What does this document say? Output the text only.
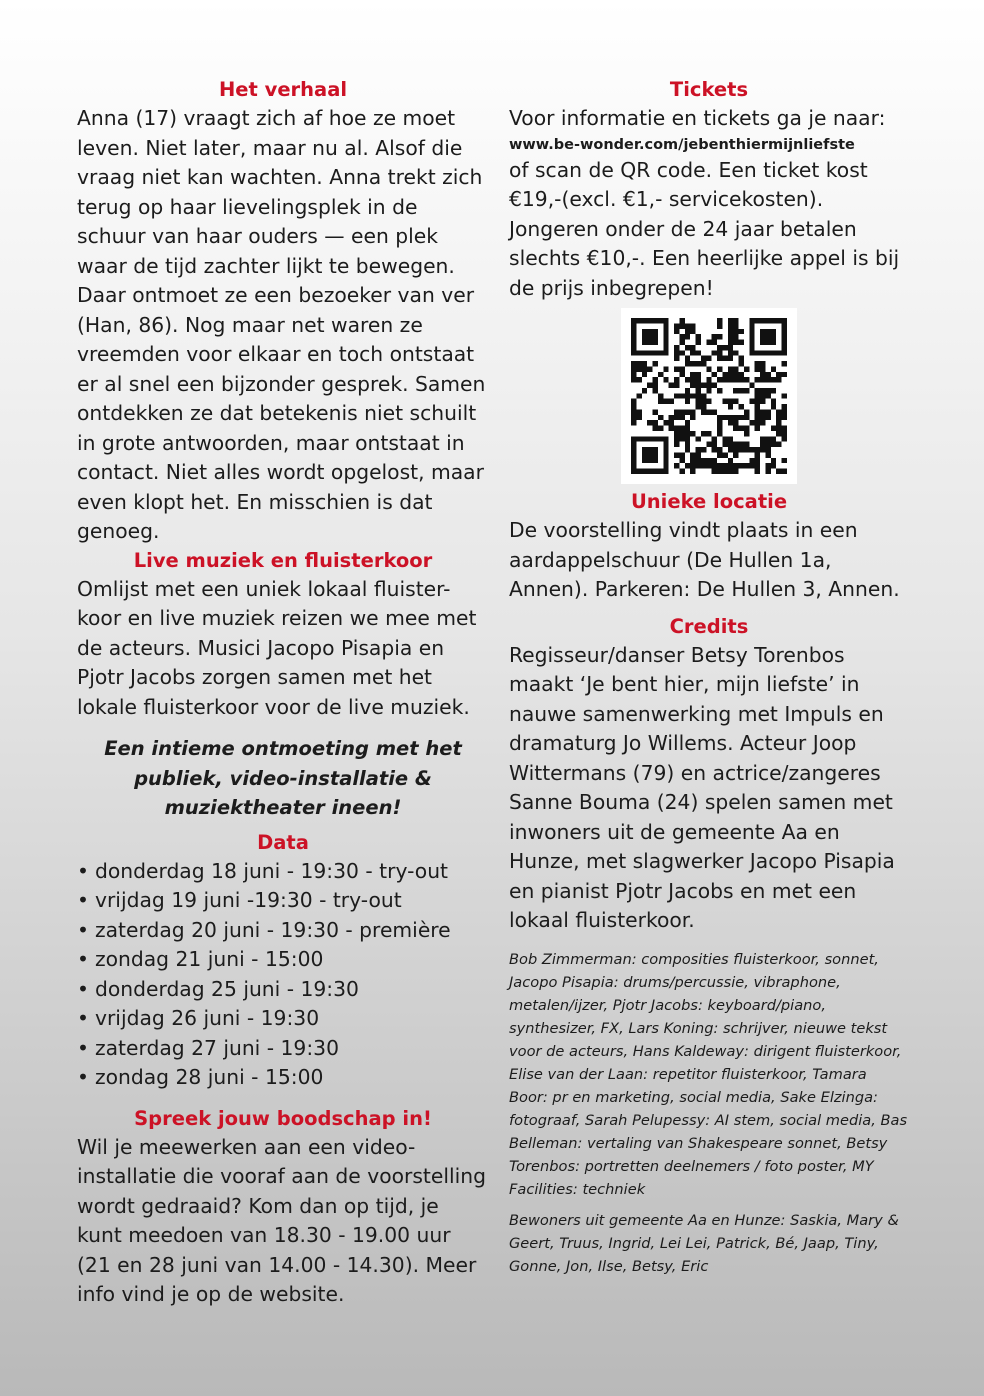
Het verhaal

Anna (17) vraagt zich af hoe ze moet leven. Niet later, maar nu al. Alsof die vraag niet kan wachten. Anna trekt zich terug op haar lievelingsplek in de schuur van haar ouders — een plek waar de tijd zachter lijkt te bewegen. Daar ontmoet ze een bezoeker van ver (Han, 86). Nog maar net waren ze vreemden voor elkaar en toch ontstaat er al snel een bijzonder gesprek. Samen ontdekken ze dat betekenis niet schuilt in grote antwoorden, maar ontstaat in contact. Niet alles wordt opgelost, maar even klopt het. En misschien is dat genoeg.

Live muziek en fluisterkoor

Omlijst met een uniek lokaal fluister-koor en live muziek reizen we mee met de acteurs. Musici Jacopo Pisapia en Pjotr Jacobs zorgen samen met het lokale fluisterkoor voor de live muziek.

Een intieme ontmoeting met het publiek, video-installatie & muziektheater ineen!
Data
• donderdag 18 juni - 19:30 - try-out
• vrijdag 19 juni -19:30 - try-out
• zaterdag 20 juni - 19:30 - première
• zondag 21 juni - 15:00
• donderdag 25 juni - 19:30
• vrijdag 26 juni - 19:30
• zaterdag 27 juni - 19:30
• zondag 28 juni - 15:00
Spreek jouw boodschap in!

Wil je meewerken aan een video-installatie die vooraf aan de voorstelling wordt gedraaid? Kom dan op tijd, je kunt meedoen van 18.30 - 19.00 uur (21 en 28 juni van 14.00 - 14.30). Meer info vind je op de website.

Tickets

Voor informatie en tickets ga je naar:

www.be-wonder.com/jebenthiermijnliefste

of scan de QR code. Een ticket kost €19,-(excl. €1,- servicekosten). Jongeren onder de 24 jaar betalen slechts €10,-. Een heerlijke appel is bij de prijs inbegrepen!

Unieke locatie

De voorstelling vindt plaats in een aardappelschuur (De Hullen 1a, Annen). Parkeren: De Hullen 3, Annen.

Credits

Regisseur/danser Betsy Torenbos maakt ‘Je bent hier, mijn liefste’ in nauwe samenwerking met Impuls en dramaturg Jo Willems. Acteur Joop Wittermans (79) en actrice/zangeres Sanne Bouma (24) spelen samen met inwoners uit de gemeente Aa en Hunze, met slagwerker Jacopo Pisapia en pianist Pjotr Jacobs en met een lokaal fluisterkoor.

Bob Zimmerman: composities fluisterkoor, sonnet, Jacopo Pisapia: drums/percussie, vibraphone, metalen/ijzer, Pjotr Jacobs: keyboard/piano, synthesizer, FX, Lars Koning: schrijver, nieuwe tekst voor de acteurs, Hans Kaldeway: dirigent fluisterkoor, Elise van der Laan: repetitor fluisterkoor, Tamara Boor: pr en marketing, social media, Sake Elzinga: fotograaf, Sarah Pelupessy: AI stem, social media, Bas Belleman: vertaling van Shakespeare sonnet, Betsy Torenbos: portretten deelnemers / foto poster, MY Facilities: techniek

Bewoners uit gemeente Aa en Hunze: Saskia, Mary & Geert, Truus, Ingrid, Lei Lei, Patrick, Bé, Jaap, Tiny, Gonne, Jon, Ilse, Betsy, Eric
